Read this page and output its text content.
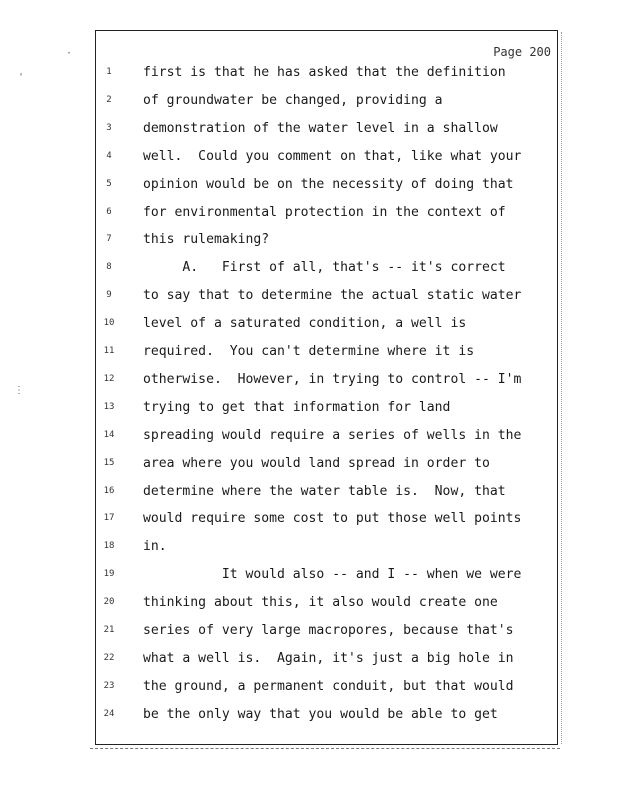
·
'
⋮
Page 200
1	first is that he has asked that the definition
2	of groundwater be changed, providing a
3	demonstration of the water level in a shallow
4	well.  Could you comment on that, like what your
5	opinion would be on the necessity of doing that
6	for environmental protection in the context of
7	this rulemaking?
8	A.   First of all, that's -- it's correct
9	to say that to determine the actual static water
10	level of a saturated condition, a well is
11	required.  You can't determine where it is
12	otherwise.  However, in trying to control -- I'm
13	trying to get that information for land
14	spreading would require a series of wells in the
15	area where you would land spread in order to
16	determine where the water table is.  Now, that
17	would require some cost to put those well points
18	in.
19	It would also -- and I -- when we were
20	thinking about this, it also would create one
21	series of very large macropores, because that's
22	what a well is.  Again, it's just a big hole in
23	the ground, a permanent conduit, but that would
24	be the only way that you would be able to get
